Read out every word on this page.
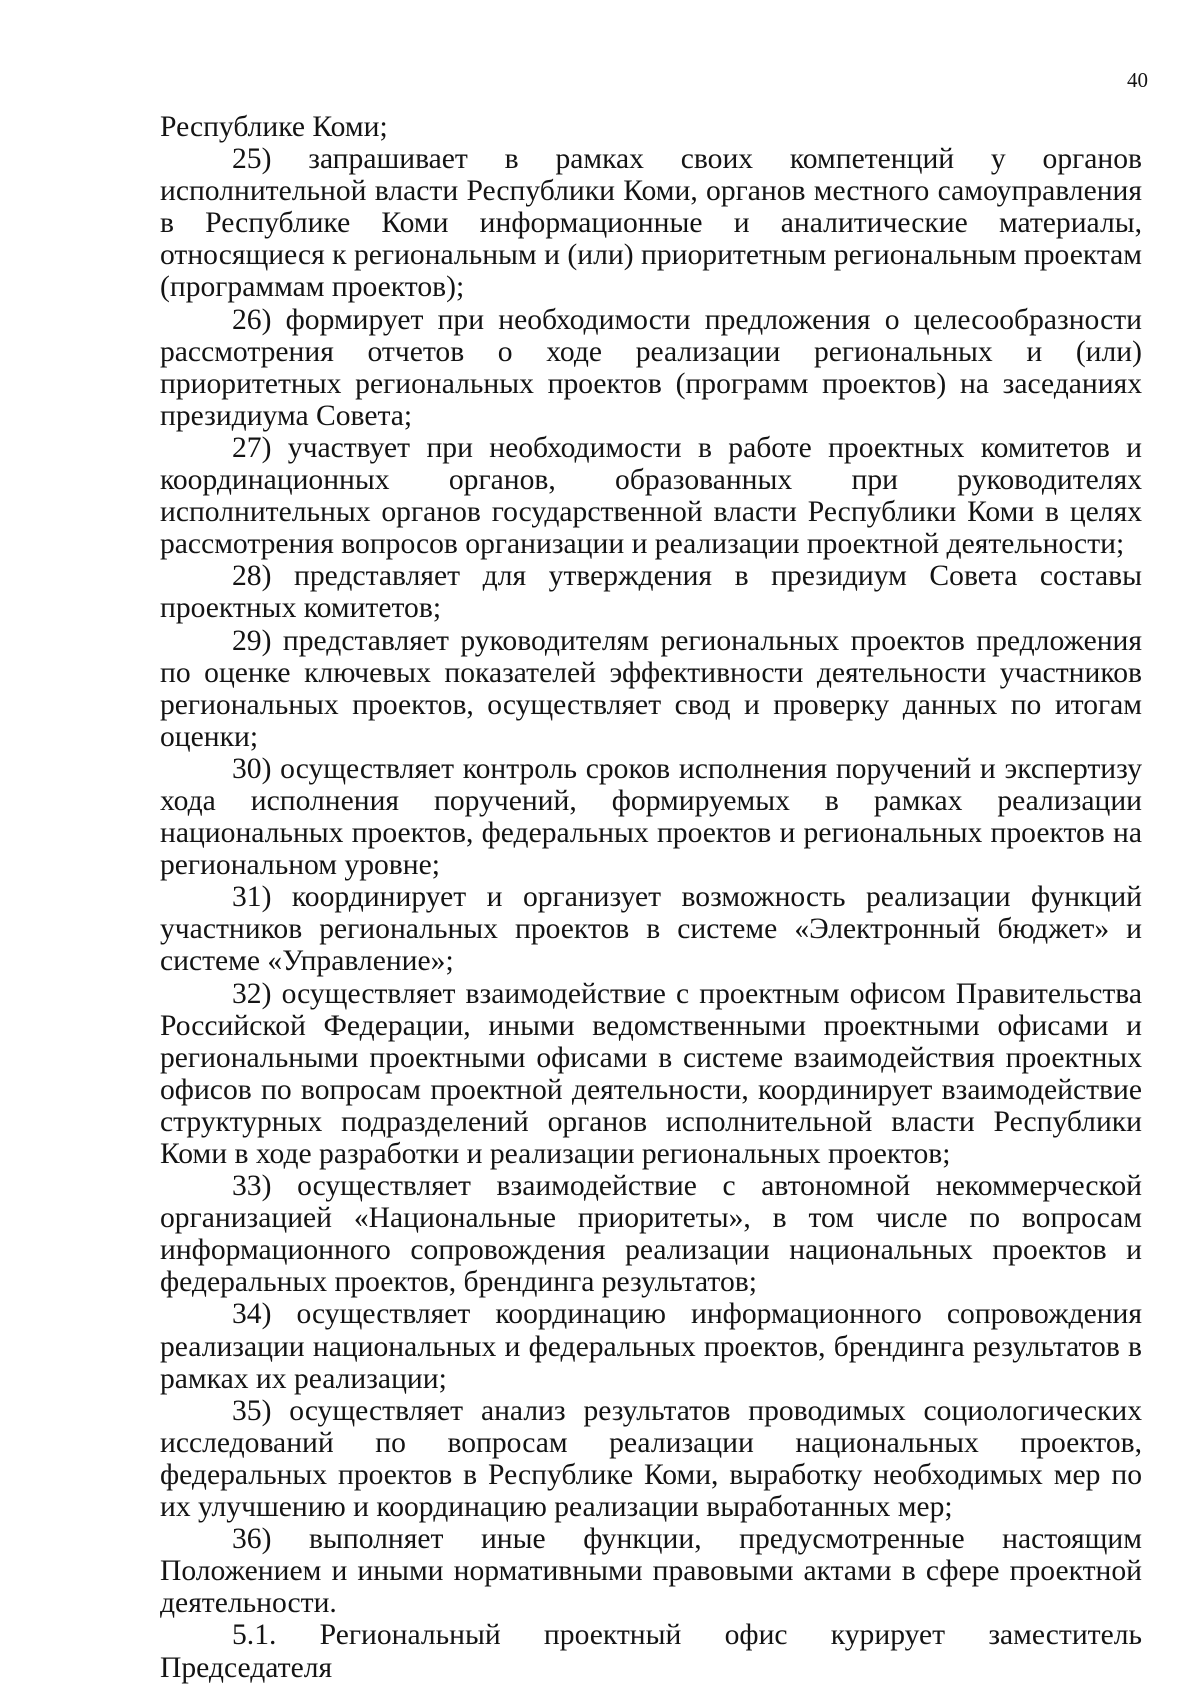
40

Республике Коми;

25) запрашивает в рамках своих компетенций у органов исполнительной власти Республики Коми, органов местного самоуправления в Республике Коми информационные и аналитические материалы, относящиеся к региональным и (или) приоритетным региональным проектам (программам проектов);

26) формирует при необходимости предложения о целесообразности рассмотрения отчетов о ходе реализации региональных и (или) приоритетных региональных проектов (программ проектов) на заседаниях президиума Совета;

27) участвует при необходимости в работе проектных комитетов и координационных органов, образованных при руководителях исполнительных органов государственной власти Республики Коми в целях рассмотрения вопросов организации и реализации проектной деятельности;

28) представляет для утверждения в президиум Совета составы проектных комитетов;

29) представляет руководителям региональных проектов предложения по оценке ключевых показателей эффективности деятельности участников региональных проектов, осуществляет свод и проверку данных по итогам оценки;

30) осуществляет контроль сроков исполнения поручений и экспертизу хода исполнения поручений, формируемых в рамках реализации национальных проектов, федеральных проектов и региональных проектов на региональном уровне;

31) координирует и организует возможность реализации функций участников региональных проектов в системе «Электронный бюджет» и системе «Управление»;

32) осуществляет взаимодействие с проектным офисом Правительства Российской Федерации, иными ведомственными проектными офисами и региональными проектными офисами в системе взаимодействия проектных офисов по вопросам проектной деятельности, координирует взаимодействие структурных подразделений органов исполнительной власти Республики Коми в ходе разработки и реализации региональных проектов;

33) осуществляет взаимодействие с автономной некоммерческой организацией «Национальные приоритеты», в том числе по вопросам информационного сопровождения реализации национальных проектов и федеральных проектов, брендинга результатов;

34) осуществляет координацию информационного сопровождения реализации национальных и федеральных проектов, брендинга результатов в рамках их реализации;

35) осуществляет анализ результатов проводимых социологических исследований по вопросам реализации национальных проектов, федеральных проектов в Республике Коми, выработку необходимых мер по их улучшению и координацию реализации выработанных мер;

36) выполняет иные функции, предусмотренные настоящим Положением и иными нормативными правовыми актами в сфере проектной деятельности.

5.1. Региональный проектный офис курирует заместитель Председателя
